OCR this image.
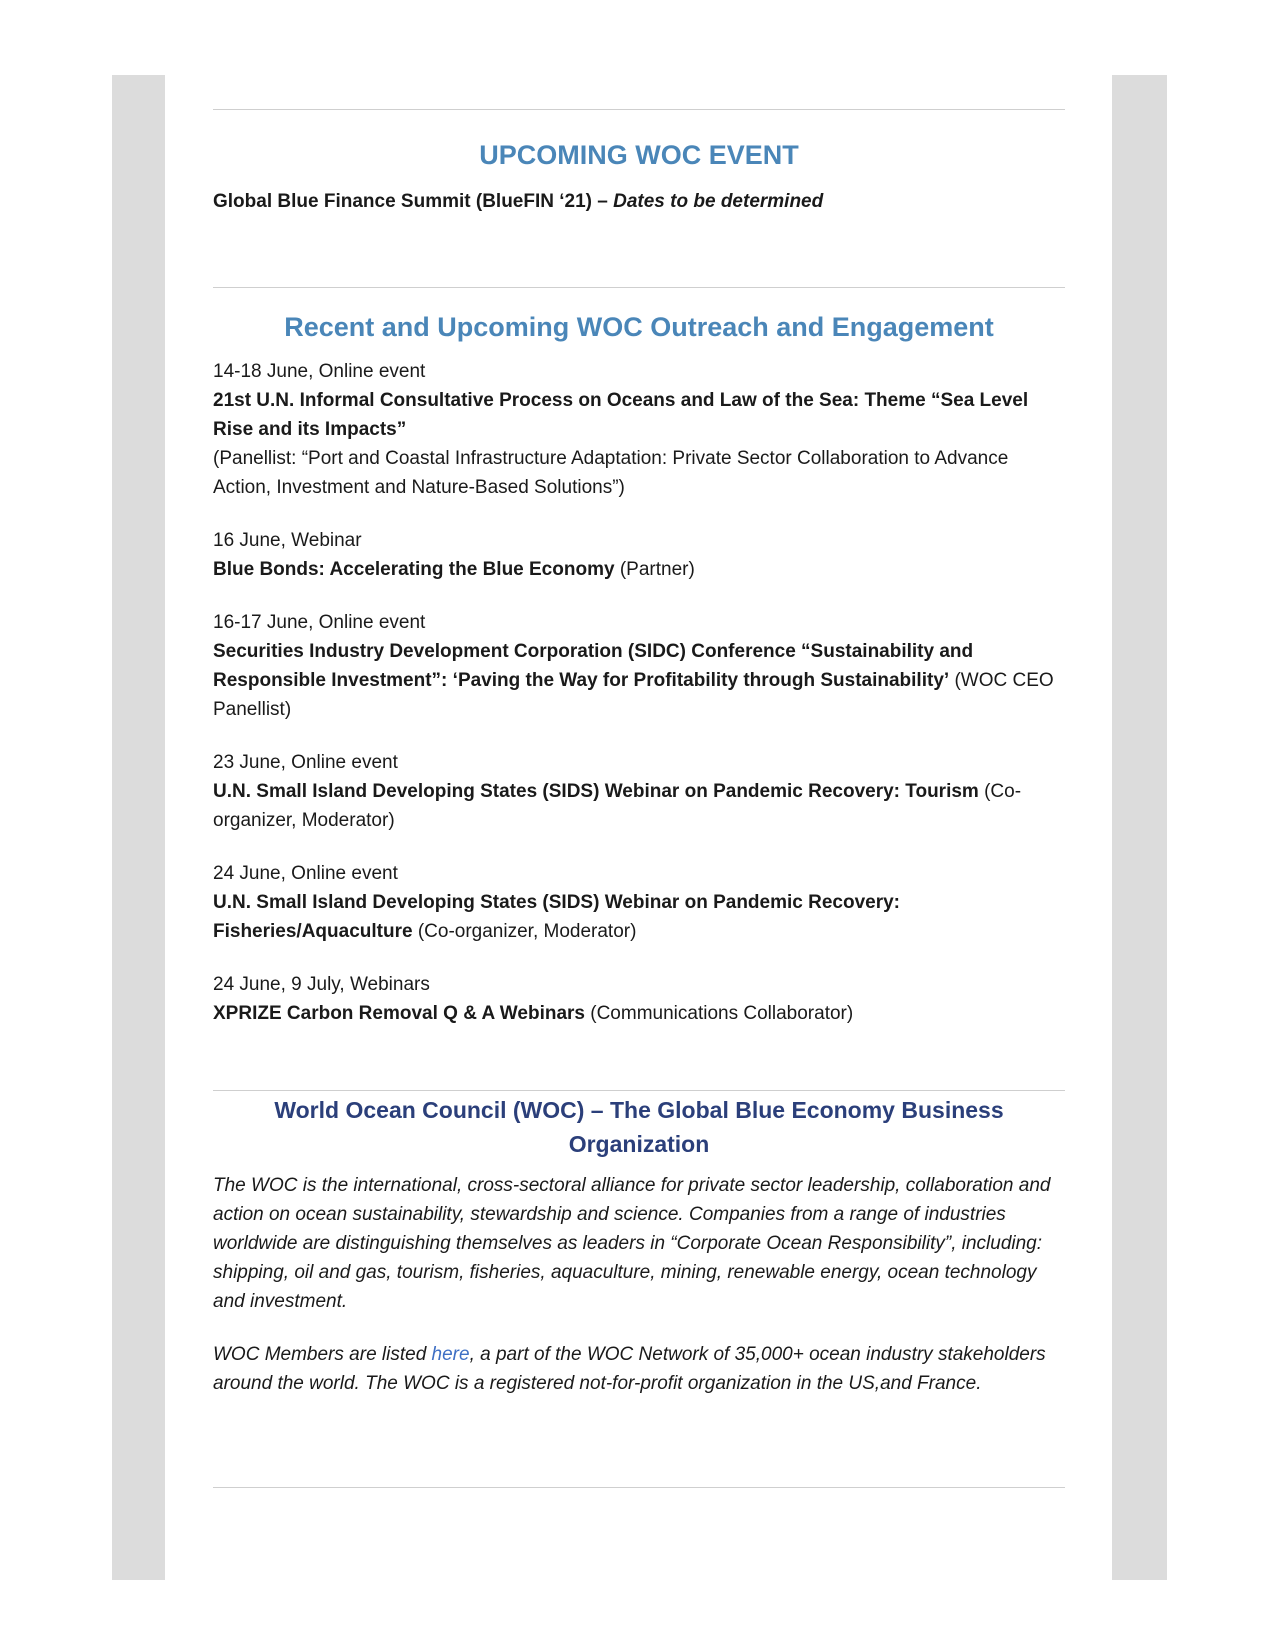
UPCOMING WOC EVENT
Global Blue Finance Summit (BlueFIN ‘21) – Dates to be determined
Recent and Upcoming WOC Outreach and Engagement

14-18 June, Online event
21st U.N. Informal Consultative Process on Oceans and Law of the Sea: Theme “Sea Level Rise and its Impacts”
(Panellist: “Port and Coastal Infrastructure Adaptation: Private Sector Collaboration to Advance Action, Investment and Nature-Based Solutions”)

16 June, Webinar
Blue Bonds: Accelerating the Blue Economy (Partner)

16-17 June, Online event
Securities Industry Development Corporation (SIDC) Conference “Sustainability and Responsible Investment”: ‘Paving the Way for Profitability through Sustainability’ (WOC CEO Panellist)

23 June, Online event
U.N. Small Island Developing States (SIDS) Webinar on Pandemic Recovery: Tourism (Co-organizer, Moderator)

24 June, Online event
U.N. Small Island Developing States (SIDS) Webinar on Pandemic Recovery: Fisheries/Aquaculture (Co-organizer, Moderator)

24 June, 9 July, Webinars
XPRIZE Carbon Removal Q & A Webinars (Communications Collaborator)

World Ocean Council (WOC) – The Global Blue Economy Business Organization

The WOC is the international, cross-sectoral alliance for private sector leadership, collaboration and action on ocean sustainability, stewardship and science. Companies from a range of industries worldwide are distinguishing themselves as leaders in “Corporate Ocean Responsibility”, including: shipping, oil and gas, tourism, fisheries, aquaculture, mining, renewable energy, ocean technology and investment.

WOC Members are listed here, a part of the WOC Network of 35,000+ ocean industry stakeholders around the world. The WOC is a registered not-for-profit organization in the US,and France.
